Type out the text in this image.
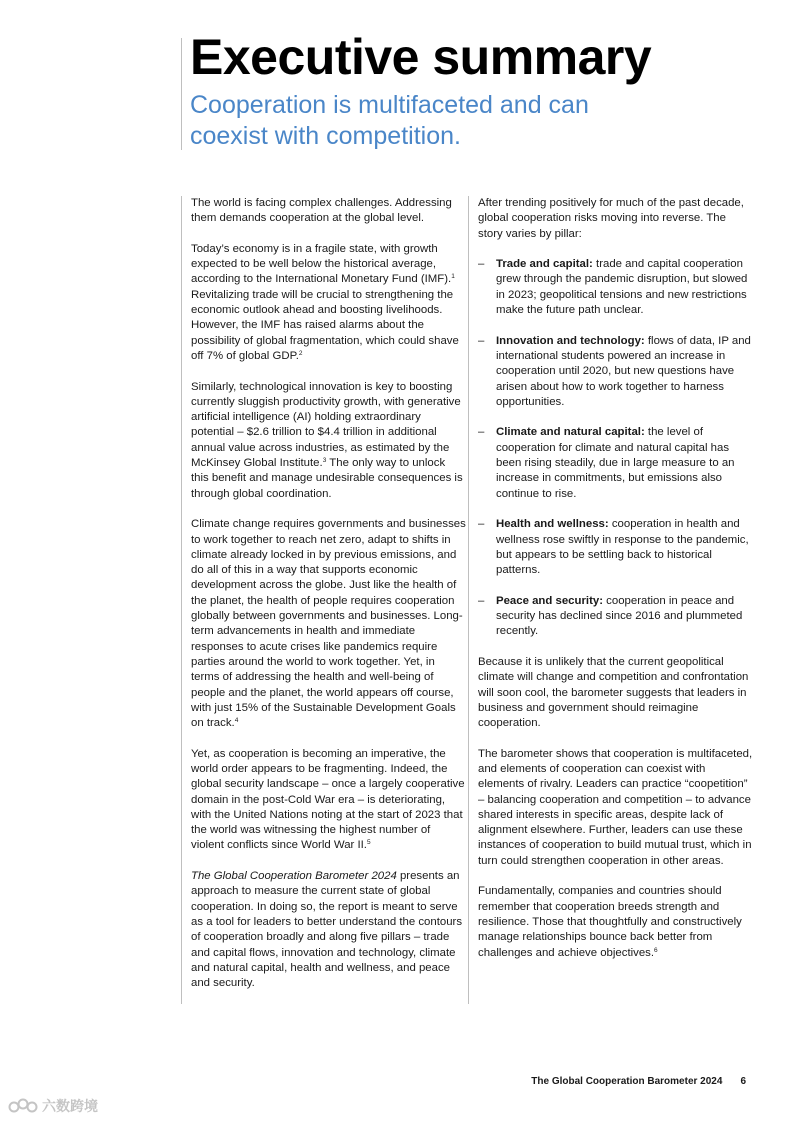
Executive summary
Cooperation is multifaceted and can coexist with competition.

The world is facing complex challenges. Addressing them demands cooperation at the global level.

Today’s economy is in a fragile state, with growth expected to be well below the historical average, according to the International Monetary Fund (IMF).$^1$ Revitalizing trade will be crucial to strengthening the economic outlook ahead and boosting livelihoods. However, the IMF has raised alarms about the possibility of global fragmentation, which could shave off 7% of global GDP.$^2$

Similarly, technological innovation is key to boosting currently sluggish productivity growth, with generative artificial intelligence (AI) holding extraordinary potential – $2.6 trillion to $4.4 trillion in additional annual value across industries, as estimated by the McKinsey Global Institute.$^3$ The only way to unlock this benefit and manage undesirable consequences is through global coordination.

Climate change requires governments and businesses to work together to reach net zero, adapt to shifts in climate already locked in by previous emissions, and do all of this in a way that supports economic development across the globe. Just like the health of the planet, the health of people requires cooperation globally between governments and businesses. Long-term advancements in health and immediate responses to acute crises like pandemics require parties around the world to work together. Yet, in terms of addressing the health and well-being of people and the planet, the world appears off course, with just 15% of the Sustainable Development Goals on track.$^4$

Yet, as cooperation is becoming an imperative, the world order appears to be fragmenting. Indeed, the global security landscape – once a largely cooperative domain in the post-Cold War era – is deteriorating, with the United Nations noting at the start of 2023 that the world was witnessing the highest number of violent conflicts since World War II.$^5$

The Global Cooperation Barometer 2024 presents an approach to measure the current state of global cooperation. In doing so, the report is meant to serve as a tool for leaders to better understand the contours of cooperation broadly and along five pillars – trade and capital flows, innovation and technology, climate and natural capital, health and wellness, and peace and security.

After trending positively for much of the past decade, global cooperation risks moving into reverse. The story varies by pillar:

– Trade and capital: trade and capital cooperation grew through the pandemic disruption, but slowed in 2023; geopolitical tensions and new restrictions make the future path unclear.
– Innovation and technology: flows of data, IP and international students powered an increase in cooperation until 2020, but new questions have arisen about how to work together to harness opportunities.
– Climate and natural capital: the level of cooperation for climate and natural capital has been rising steadily, due in large measure to an increase in commitments, but emissions also continue to rise.
– Health and wellness: cooperation in health and wellness rose swiftly in response to the pandemic, but appears to be settling back to historical patterns.
– Peace and security: cooperation in peace and security has declined since 2016 and plummeted recently.

Because it is unlikely that the current geopolitical climate will change and competition and confrontation will soon cool, the barometer suggests that leaders in business and government should reimagine cooperation.

The barometer shows that cooperation is multifaceted, and elements of cooperation can coexist with elements of rivalry. Leaders can practice “coopetition” – balancing cooperation and competition – to advance shared interests in specific areas, despite lack of alignment elsewhere. Further, leaders can use these instances of cooperation to build mutual trust, which in turn could strengthen cooperation in other areas.

Fundamentally, companies and countries should remember that cooperation breeds strength and resilience. Those that thoughtfully and constructively manage relationships bounce back better from challenges and achieve objectives.$^6$

The Global Cooperation Barometer 2024 6
六数跨境
